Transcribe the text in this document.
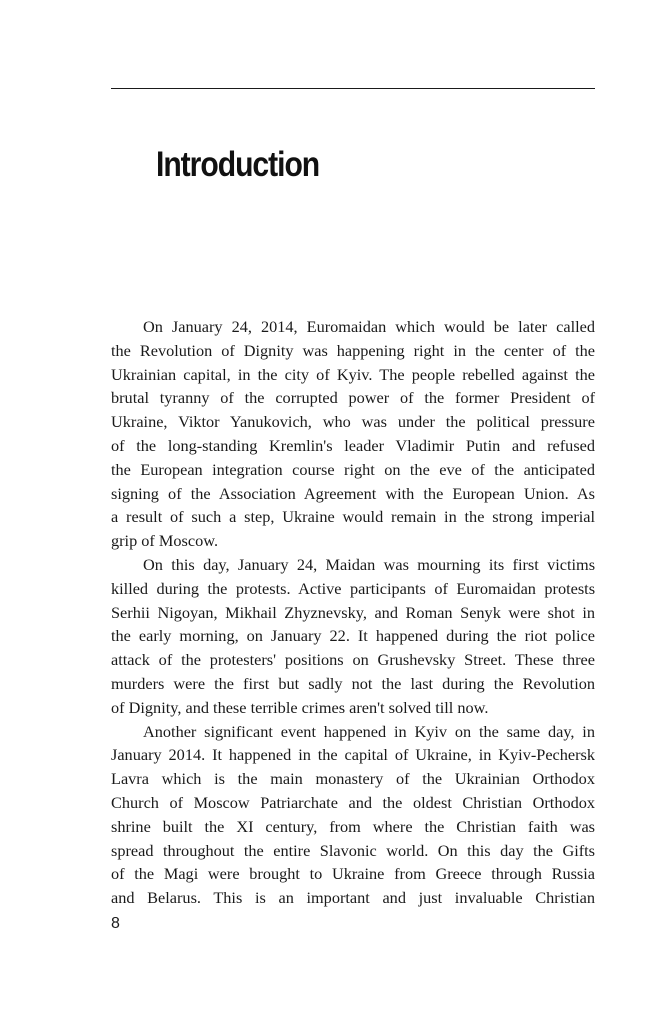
Introduction
On January 24, 2014, Euromaidan which would be later called
the Revolution of Dignity was happening right in the center of the
Ukrainian capital, in the city of Kyiv. The people rebelled against the
brutal tyranny of the corrupted power of the former President of
Ukraine, Viktor Yanukovich, who was under the political pressure
of the long-standing Kremlin's leader Vladimir Putin and refused
the European integration course right on the eve of the anticipated
signing of the Association Agreement with the European Union. As
a result of such a step, Ukraine would remain in the strong imperial
grip of Moscow.
On this day, January 24, Maidan was mourning its first victims
killed during the protests. Active participants of Euromaidan protests
Serhii Nigoyan, Mikhail Zhyznevsky, and Roman Senyk were shot in
the early morning, on January 22. It happened during the riot police
attack of the protesters' positions on Grushevsky Street. These three
murders were the first but sadly not the last during the Revolution
of Dignity, and these terrible crimes aren't solved till now.
Another significant event happened in Kyiv on the same day, in
January 2014. It happened in the capital of Ukraine, in Kyiv-Pechersk
Lavra which is the main monastery of the Ukrainian Orthodox
Church of Moscow Patriarchate and the oldest Christian Orthodox
shrine built the XI century, from where the Christian faith was
spread throughout the entire Slavonic world. On this day the Gifts
of the Magi were brought to Ukraine from Greece through Russia
and Belarus. This is an important and just invaluable Christian

8
